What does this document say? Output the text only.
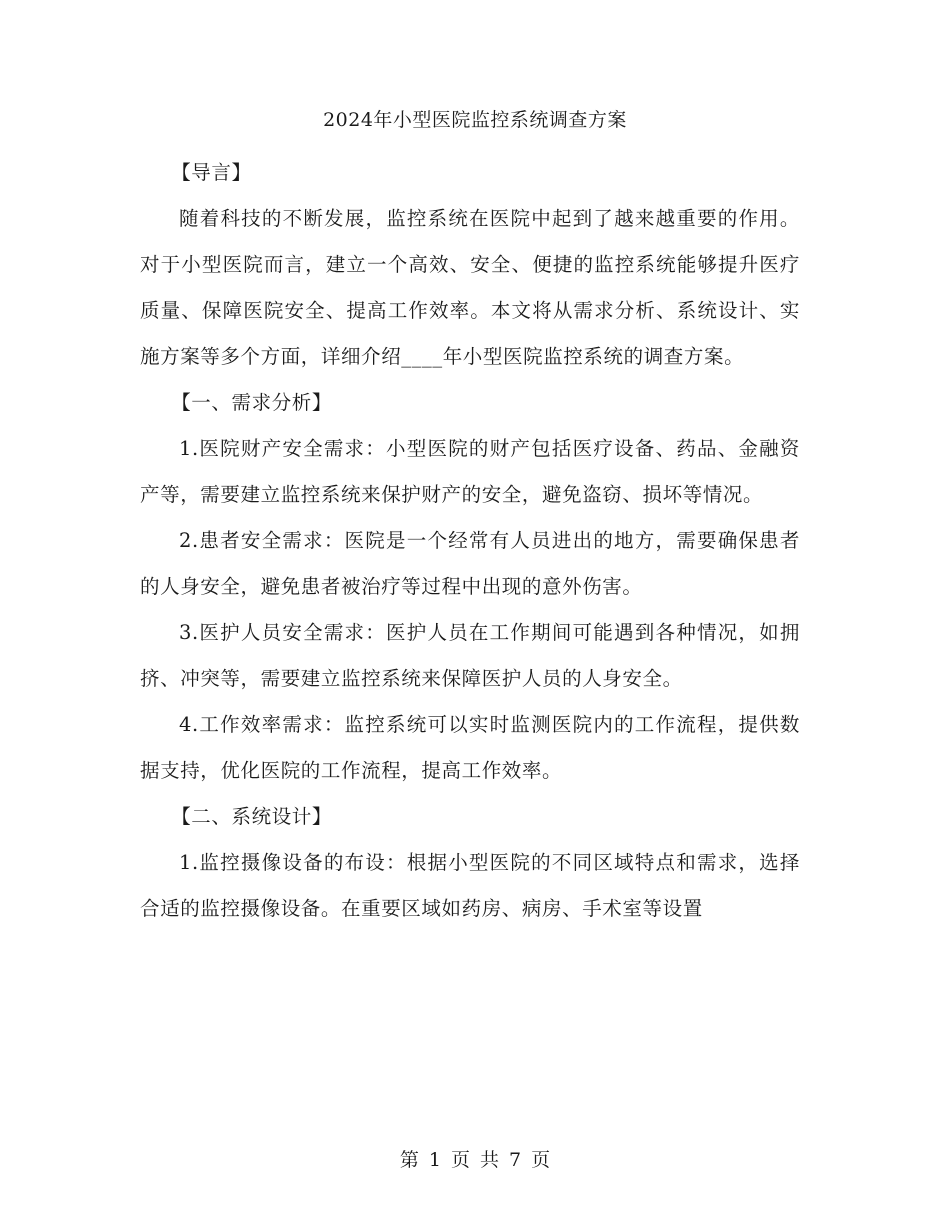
2024年小型医院监控系统调查方案

【导言】

随着科技的不断发展，监控系统在医院中起到了越来越重要的作用。对于小型医院而言，建立一个高效、安全、便捷的监控系统能够提升医疗质量、保障医院安全、提高工作效率。本文将从需求分析、系统设计、实施方案等多个方面，详细介绍____年小型医院监控系统的调查方案。

【一、需求分析】

1.医院财产安全需求：小型医院的财产包括医疗设备、药品、金融资产等，需要建立监控系统来保护财产的安全，避免盗窃、损坏等情况。

2.患者安全需求：医院是一个经常有人员进出的地方，需要确保患者的人身安全，避免患者被治疗等过程中出现的意外伤害。

3.医护人员安全需求：医护人员在工作期间可能遇到各种情况，如拥挤、冲突等，需要建立监控系统来保障医护人员的人身安全。

4.工作效率需求：监控系统可以实时监测医院内的工作流程，提供数据支持，优化医院的工作流程，提高工作效率。

【二、系统设计】

1.监控摄像设备的布设：根据小型医院的不同区域特点和需求，选择合适的监控摄像设备。在重要区域如药房、病房、手术室等设置

第 1 页 共 7 页
